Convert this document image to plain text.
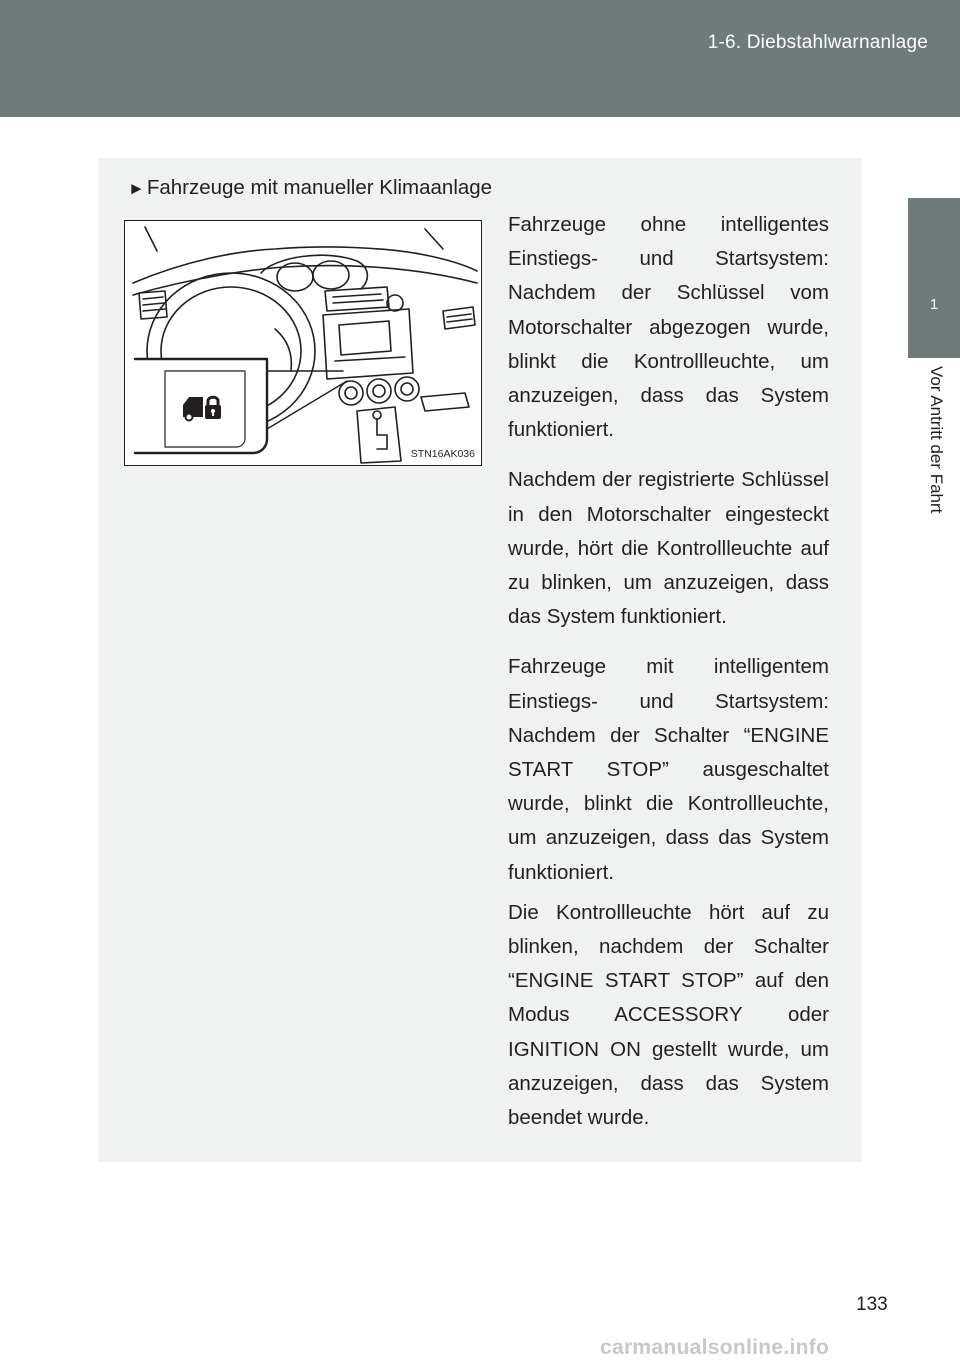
1-6. Diebstahlwarnanlage
1
Vor Antritt der Fahrt
►Fahrzeuge mit manueller Klimaanlage
STN16AK036

Fahrzeuge ohne intelligentes Einstiegs- und Startsystem: Nachdem der Schlüssel vom Motorschalter abgezogen wurde, blinkt die Kontrollleuchte, um anzuzeigen, dass das System funktioniert.

Nachdem der registrierte Schlüssel in den Motorschalter eingesteckt wurde, hört die Kontrollleuchte auf zu blinken, um anzuzeigen, dass das System funktioniert.

Fahrzeuge mit intelligentem Einstiegs- und Startsystem: Nachdem der Schalter “ENGINE START STOP” ausgeschaltet wurde, blinkt die Kontrollleuchte, um anzuzeigen, dass das System funktioniert.

Die Kontrollleuchte hört auf zu blinken, nachdem der Schalter “ENGINE START STOP” auf den Modus ACCESSORY oder IGNITION ON gestellt wurde, um anzuzeigen, dass das System beendet wurde.

133
carmanualsonline.info
